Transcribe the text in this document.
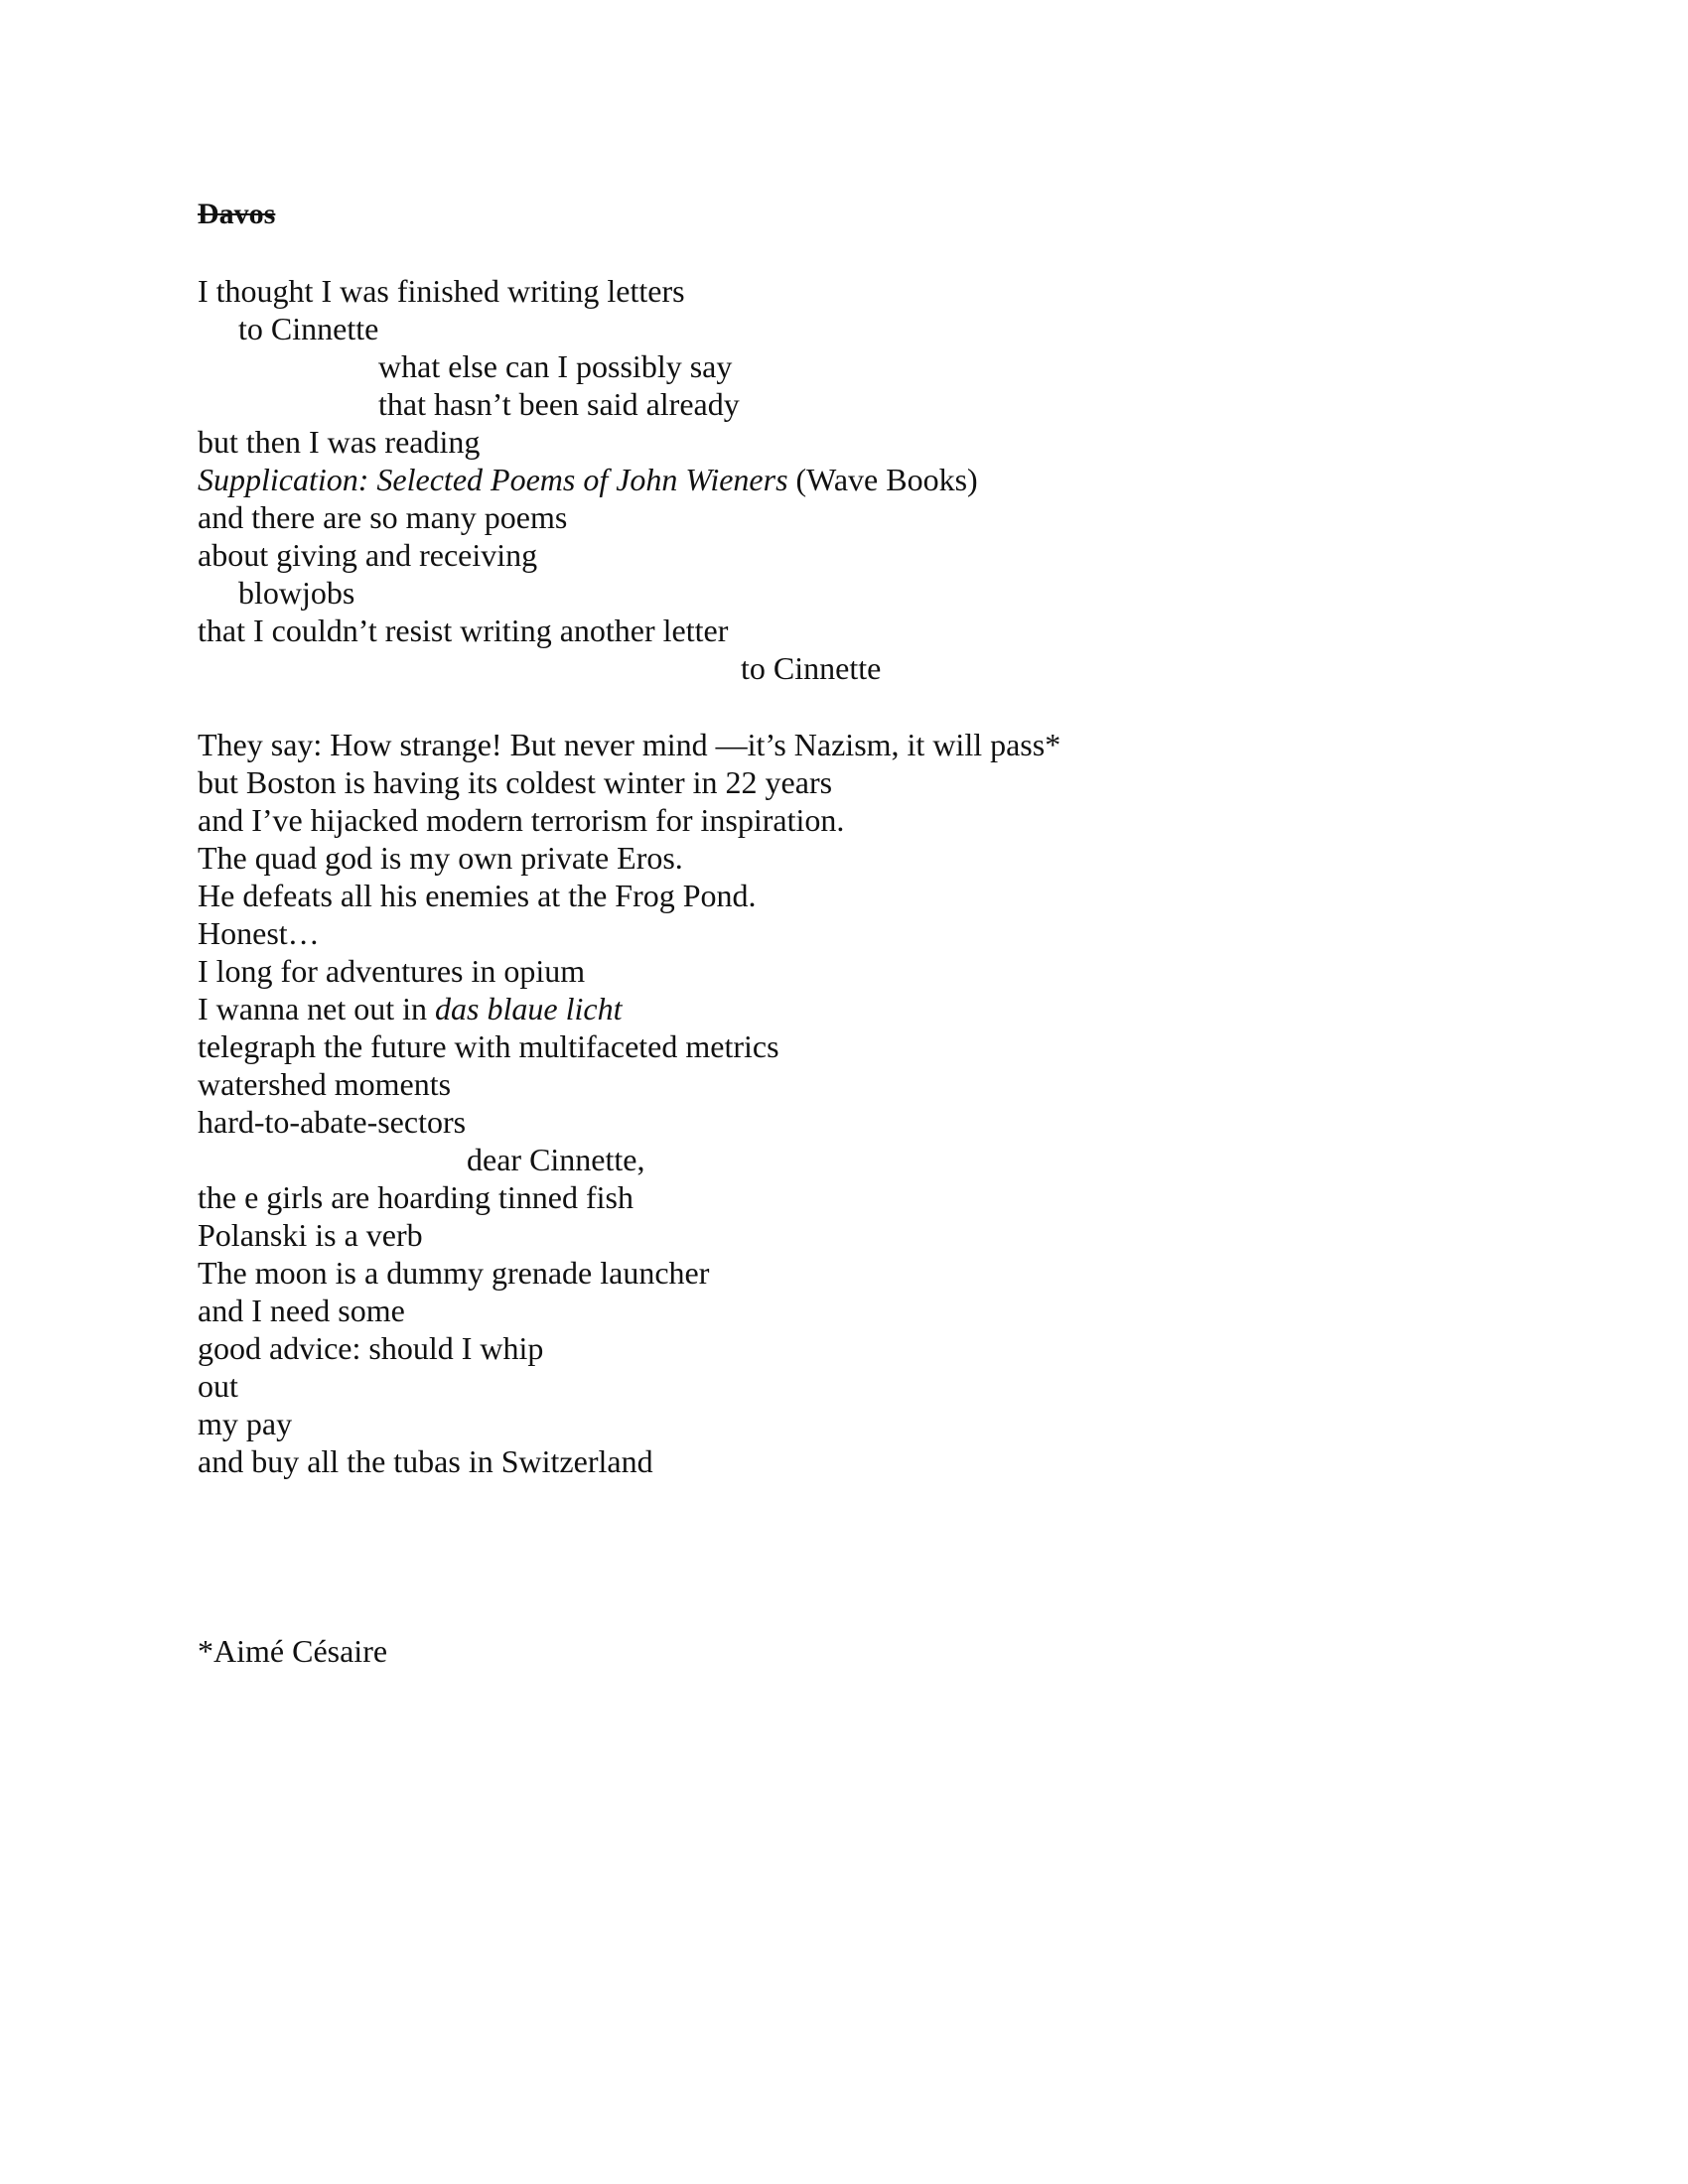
Davos

I thought I was finished writing letters

to Cinnette

what else can I possibly say

that hasn’t been said already

but then I was reading

Supplication: Selected Poems of John Wieners (Wave Books)

and there are so many poems

about giving and receiving

blowjobs

that I couldn’t resist writing another letter

to Cinnette

They say: How strange! But never mind —it’s Nazism, it will pass*

but Boston is having its coldest winter in 22 years

and I’ve hijacked modern terrorism for inspiration.

The quad god is my own private Eros.

He defeats all his enemies at the Frog Pond.

Honest…

I long for adventures in opium

I wanna net out in das blaue licht

telegraph the future with multifaceted metrics

watershed moments

hard-to-abate-sectors

dear Cinnette,

the e girls are hoarding tinned fish

Polanski is a verb

The moon is a dummy grenade launcher

and I need some

good advice: should I whip

out

my pay

and buy all the tubas in Switzerland

*Aimé Césaire
